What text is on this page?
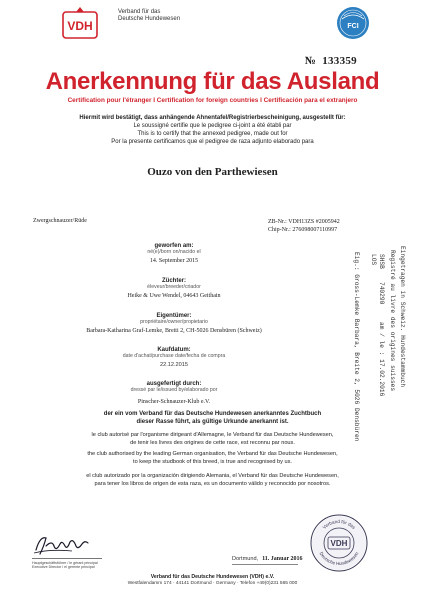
VDH
Verband für das
Deutsche Hundewesen
FCI
№ 133359
Anerkennung für das Ausland
Certification pour l'étranger I Certification for foreign countries I Certificación para el extranjero
Hiermit wird bestätigt, dass anhängende Ahnentafel/Registrierbescheinigung, ausgestellt für:
Le soussigné certifie que le pedigree ci-joint a été établi par
This is to certify that the annexed pedigree, made out for
Por la presente certificamos que el pedigree de raza adjunto elaborado para
Ouzo von den Parthewiesen
Zwergschnauzer/Rüde	ZB-Nr.: VDH13ZS #2005942
Chip-Nr.: 276098007110997
geworfen am:
né(e)/born on/nacido el
14. September 2015
Züchter:
éleveur/breeder/criador
Heike & Uwe Wendel, 04643 Geithain
Eigentümer:
propriétaire/owner/propietario
Barbara-Katharina Graf-Lemke, Breiti 2, CH-5026 Densbüren (Schweiz)
Kaufdatum:
date d'achat/purchase date/fecha de compra
22.12.2015
ausgefertigt durch:
dressé par le/issued by/elaborado por
Pinscher-Schnauzer-Klub e.V.
Eingetragen in Schweiz. Hundestammbuch
Registré au livre des origines suisses
SHSB
LOS
740290
am / le : 17.02.2016
Eig.: Gross-Lemke Barbara, Breite 2, 5026 Densbüren
der ein vom Verband für das Deutsche Hundewesen anerkanntes Zuchtbuch
dieser Rasse führt, als gültige Urkunde anerkannt ist.
le club autorisé par l'organisme dirigeant d'Allemagne, le Verband für das Deutsche Hundewesen,
de tenir les livres des origines de cette race, est reconnu par nous.
the club authorised by the leading German organisation, the Verband für das Deutsche Hundewesen,
to keep the studbook of this breed, is true and recognised by us.
el club autorizado por la organización dirigiendo Alemania, el Verband für das Deutsche Hundewesen,
para tener los libros de origen de esta raza, es un documento válido y reconocido por nosotros.
Hauptgeschäftsführer / le gérant principal
Executive Director / el gerente principal
Dortmund, 11. Januar 2016
Verband für das
Deutsche Hundewesen
VDH
Verband für das Deutsche Hundewesen (VDH) e.V.
Westfalendamm 174 · 44141 Dortmund · Germany · Telefon +49(0)231 565 000
